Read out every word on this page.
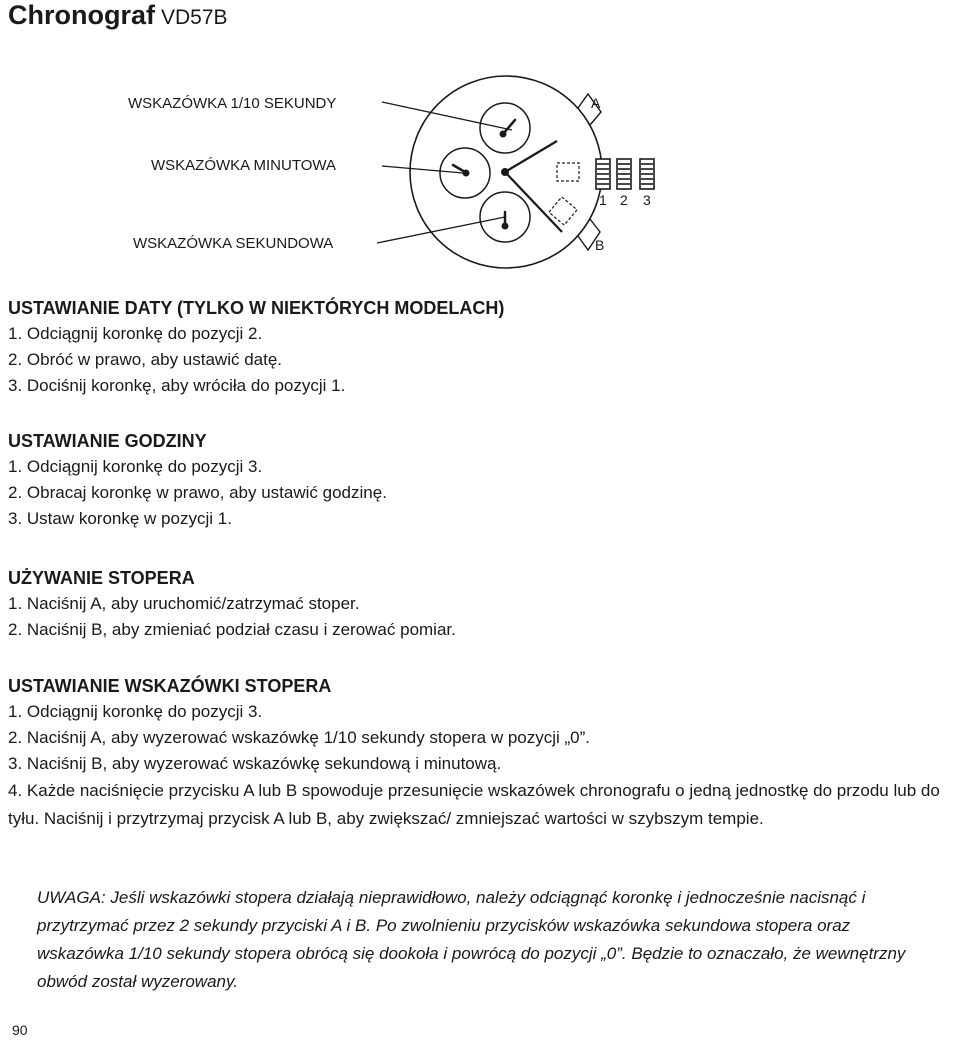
Chronograf VD57B
WSKAZÓWKA 1/10 SEKUNDY
WSKAZÓWKA MINUTOWA
WSKAZÓWKA SEKUNDOWA
A
B
1 2 3
USTAWIANIE DATY (TYLKO W NIEKTÓRYCH MODELACH)
1. Odciągnij koronkę do pozycji 2.
2. Obróć w prawo, aby ustawić datę.
3. Dociśnij koronkę, aby wróciła do pozycji 1.
USTAWIANIE GODZINY
1. Odciągnij koronkę do pozycji 3.
2. Obracaj koronkę w prawo, aby ustawić godzinę.
3. Ustaw koronkę w pozycji 1.
UŻYWANIE STOPERA
1. Naciśnij A, aby uruchomić/zatrzymać stoper.
2. Naciśnij B, aby zmieniać podział czasu i zerować pomiar.
USTAWIANIE WSKAZÓWKI STOPERA
1. Odciągnij koronkę do pozycji 3.
2. Naciśnij A, aby wyzerować wskazówkę 1/10 sekundy stopera w pozycji „0”.
3. Naciśnij B, aby wyzerować wskazówkę sekundową i minutową.
4. Każde naciśnięcie przycisku A lub B spowoduje przesunięcie wskazówek chronografu o jedną jednostkę do przodu lub do tyłu. Naciśnij i przytrzymaj przycisk A lub B, aby zwiększać/ zmniejszać wartości w szybszym tempie.
UWAGA: Jeśli wskazówki stopera działają nieprawidłowo, należy odciągnąć koronkę i jednocześnie nacisnąć i przytrzymać przez 2 sekundy przyciski A i B. Po zwolnieniu przycisków wskazówka sekundowa stopera oraz wskazówka 1/10 sekundy stopera obrócą się dookoła i powrócą do pozycji „0”. Będzie to oznaczało, że wewnętrzny obwód został wyzerowany.
90
